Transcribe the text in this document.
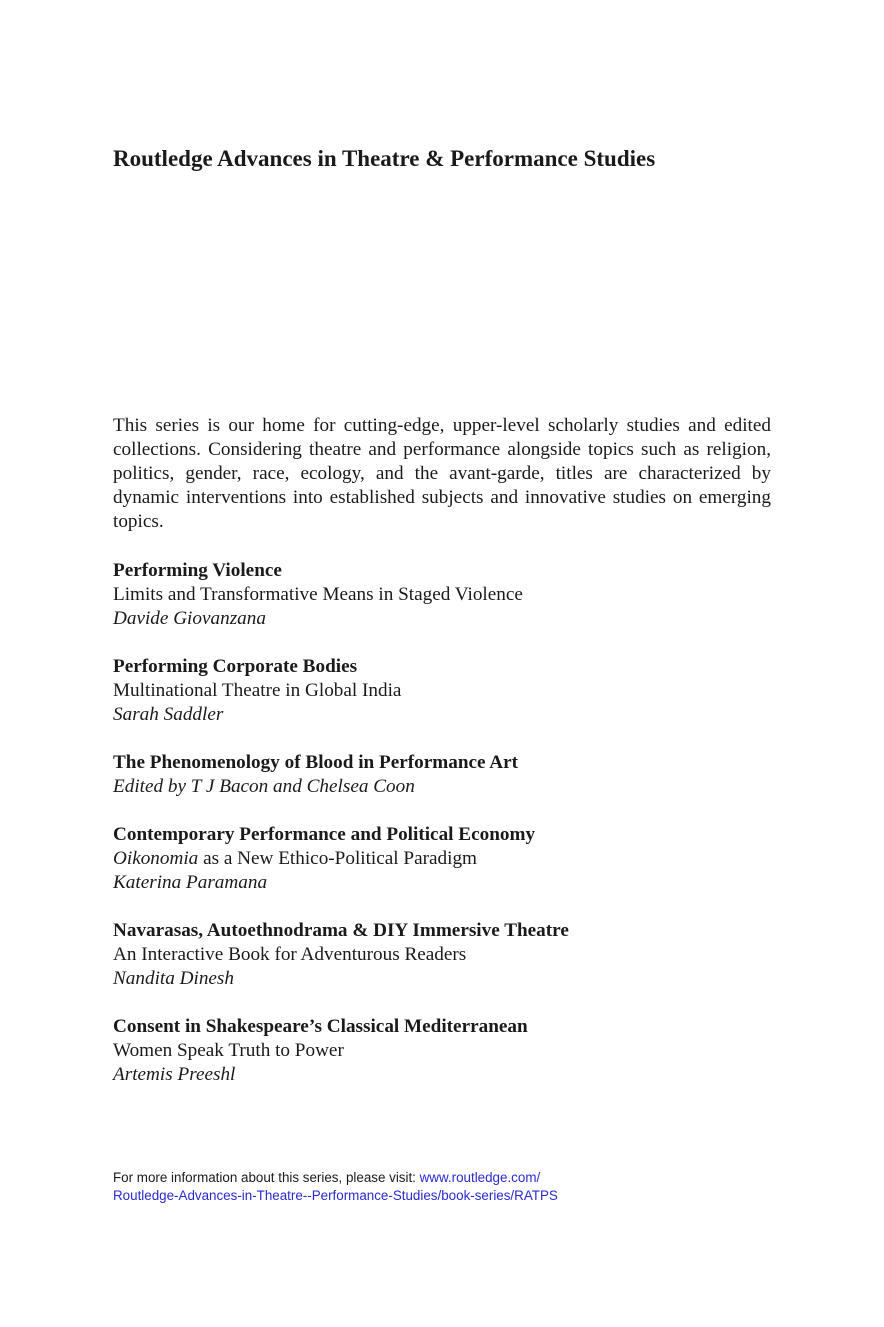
Routledge Advances in Theatre & Performance Studies

This series is our home for cutting-edge, upper-level scholarly studies and edited collections. Considering theatre and performance alongside topics such as religion, politics, gender, race, ecology, and the avant-garde, titles are characterized by dynamic interventions into established subjects and innovative studies on emerging topics.

Performing Violence
Limits and Transformative Means in Staged Violence
Davide Giovanzana
Performing Corporate Bodies
Multinational Theatre in Global India
Sarah Saddler
The Phenomenology of Blood in Performance Art
Edited by T J Bacon and Chelsea Coon
Contemporary Performance and Political Economy
Oikonomia as a New Ethico-Political Paradigm
Katerina Paramana
Navarasas, Autoethnodrama & DIY Immersive Theatre
An Interactive Book for Adventurous Readers
Nandita Dinesh
Consent in Shakespeare’s Classical Mediterranean
Women Speak Truth to Power
Artemis Preeshl
For more information about this series, please visit: www.routledge.com/
Routledge-Advances-in-Theatre--Performance-Studies/book-series/RATPS
